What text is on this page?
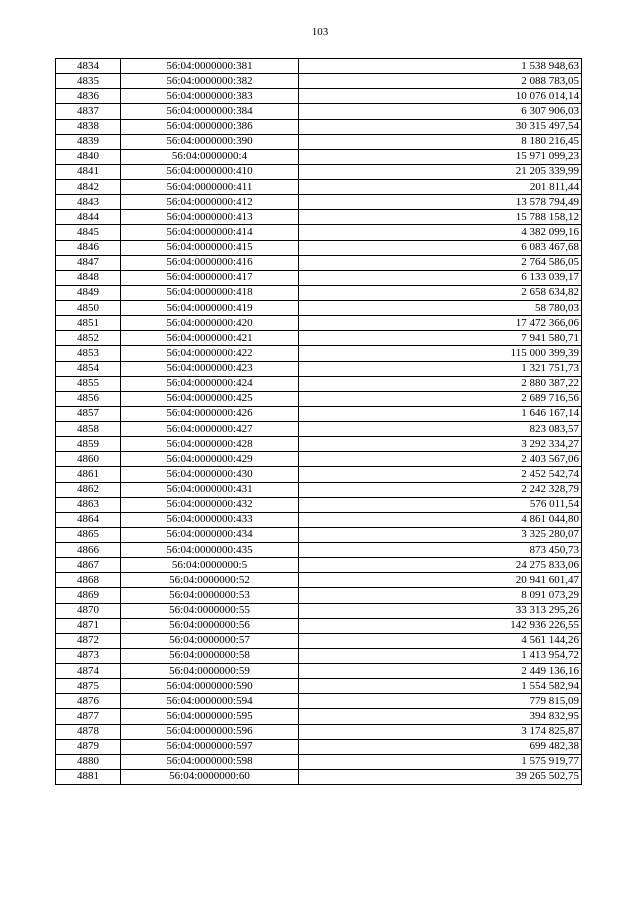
103
4834	56:04:0000000:381	1 538 948,63
4835	56:04:0000000:382	2 088 783,05
4836	56:04:0000000:383	10 076 014,14
4837	56:04:0000000:384	6 307 906,03
4838	56:04:0000000:386	30 315 497,54
4839	56:04:0000000:390	8 180 216,45
4840	56:04:0000000:4	15 971 099,23
4841	56:04:0000000:410	21 205 339,99
4842	56:04:0000000:411	201 811,44
4843	56:04:0000000:412	13 578 794,49
4844	56:04:0000000:413	15 788 158,12
4845	56:04:0000000:414	4 382 099,16
4846	56:04:0000000:415	6 083 467,68
4847	56:04:0000000:416	2 764 586,05
4848	56:04:0000000:417	6 133 039,17
4849	56:04:0000000:418	2 658 634,82
4850	56:04:0000000:419	58 780,03
4851	56:04:0000000:420	17 472 366,06
4852	56:04:0000000:421	7 941 580,71
4853	56:04:0000000:422	115 000 399,39
4854	56:04:0000000:423	1 321 751,73
4855	56:04:0000000:424	2 880 387,22
4856	56:04:0000000:425	2 689 716,56
4857	56:04:0000000:426	1 646 167,14
4858	56:04:0000000:427	823 083,57
4859	56:04:0000000:428	3 292 334,27
4860	56:04:0000000:429	2 403 567,06
4861	56:04:0000000:430	2 452 542,74
4862	56:04:0000000:431	2 242 328,79
4863	56:04:0000000:432	576 011,54
4864	56:04:0000000:433	4 861 044,80
4865	56:04:0000000:434	3 325 280,07
4866	56:04:0000000:435	873 450,73
4867	56:04:0000000:5	24 275 833,06
4868	56:04:0000000:52	20 941 601,47
4869	56:04:0000000:53	8 091 073,29
4870	56:04:0000000:55	33 313 295,26
4871	56:04:0000000:56	142 936 226,55
4872	56:04:0000000:57	4 561 144,26
4873	56:04:0000000:58	1 413 954,72
4874	56:04:0000000:59	2 449 136,16
4875	56:04:0000000:590	1 554 582,94
4876	56:04:0000000:594	779 815,09
4877	56:04:0000000:595	394 832,95
4878	56:04:0000000:596	3 174 825,87
4879	56:04:0000000:597	699 482,38
4880	56:04:0000000:598	1 575 919,77
4881	56:04:0000000:60	39 265 502,75
